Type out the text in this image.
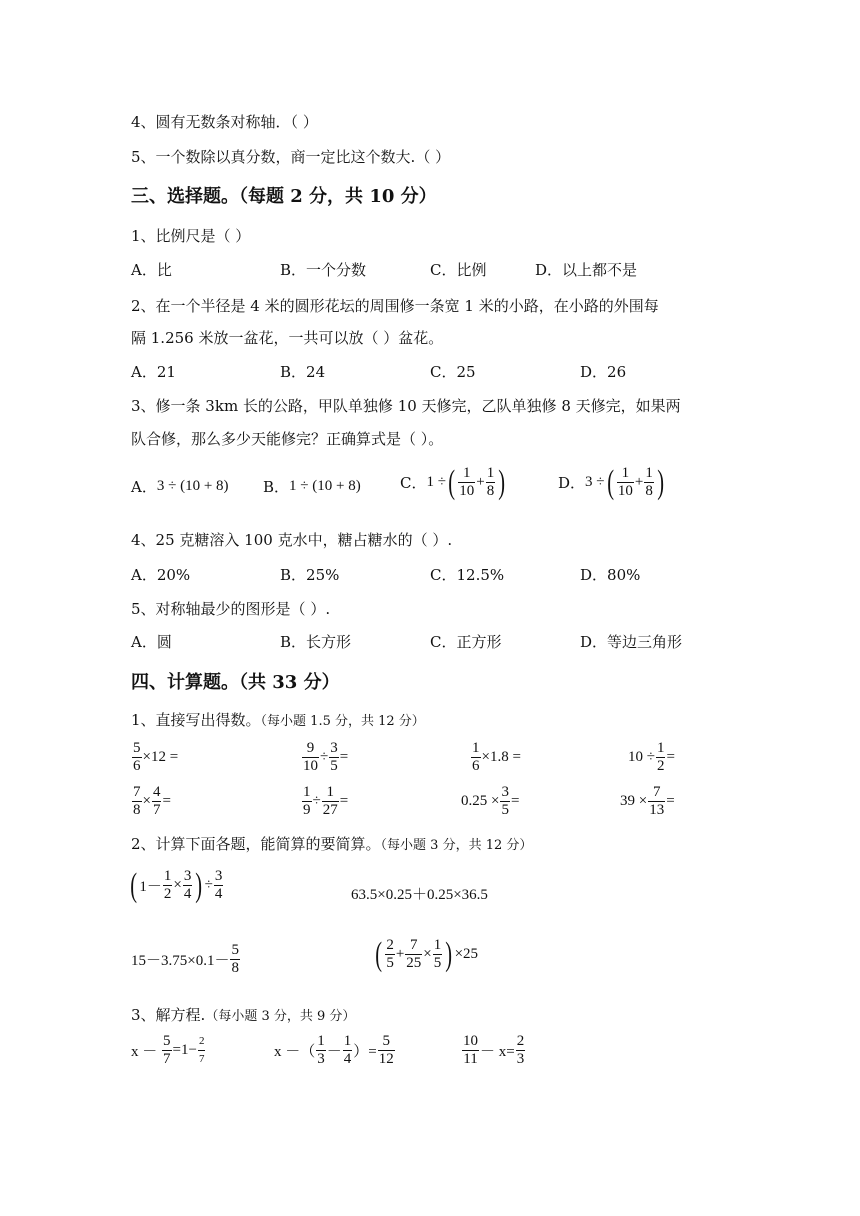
4、圆有无数条对称轴．（ ）
5、一个数除以真分数，商一定比这个数大.（ ）
三、选择题。（每题 2 分，共 10 分）
1、比例尺是（ ）
A．比	B．一个分数	C．比例	D．以上都不是
2、在一个半径是 4 米的圆形花坛的周围修一条宽 1 米的小路，在小路的外围每
隔 1.256 米放一盆花，一共可以放（ ）盆花。
A．21	B．24	C．25	D．26
3、修一条 3km 长的公路，甲队单独修 10 天修完，乙队单独修 8 天修完，如果两
队合修，那么多少天能修完？正确算式是（ ）。
A． 3 ÷ (10 + 8) B． 1 ÷ (10 + 8)	C． 1 ÷ ( $\frac{1}{10} + \frac{1}{8}$ )	D． 3 ÷ ( $\frac{1}{10} + \frac{1}{8}$ )
4、25 克糖溶入 100 克水中，糖占糖水的（ ）.
A．20%	B．25%	C．12.5%	D．80%
5、对称轴最少的图形是（ ）.
A．圆	B．长方形	C．正方形	D．等边三角形
四、计算题。（共 33 分）
1、直接写出得数。（每小题 1.5 分，共 12 分）
$\frac{5}{6} \times 12$ =	$\frac{9}{10} \div \frac{3}{5}$ =	$\frac{1}{6} \times 1.8$ =	$10 \div \frac{1}{2}$ =
$\frac{7}{8} \times \frac{4}{7}$ =	$\frac{1}{9} \div \frac{1}{27}$ =	$0.25 \times \frac{3}{5}$ =	$39 \times \frac{7}{13}$ =
2、计算下面各题，能简算的要简算。（每小题 3 分，共 12 分）
( $1- \frac{1}{2} \times \frac{3}{4}$ ) ÷ $\frac{3}{4}$	63.5×0.25＋0.25×36.5
$15-3.75\times 0.1- \frac{5}{8}$	( $\frac{2}{5} + \frac{7}{25} \times \frac{1}{5}$ ) ×25
3、解方程.（每小题 3 分，共 9 分）
x －
$\frac{5}{7} =1- \frac{2}{7}$	x －（ $\frac{1}{3} - \frac{1}{4}$ ）= $\frac{5}{12}$	$\frac{10}{11} - x= \frac{2}{3}$
